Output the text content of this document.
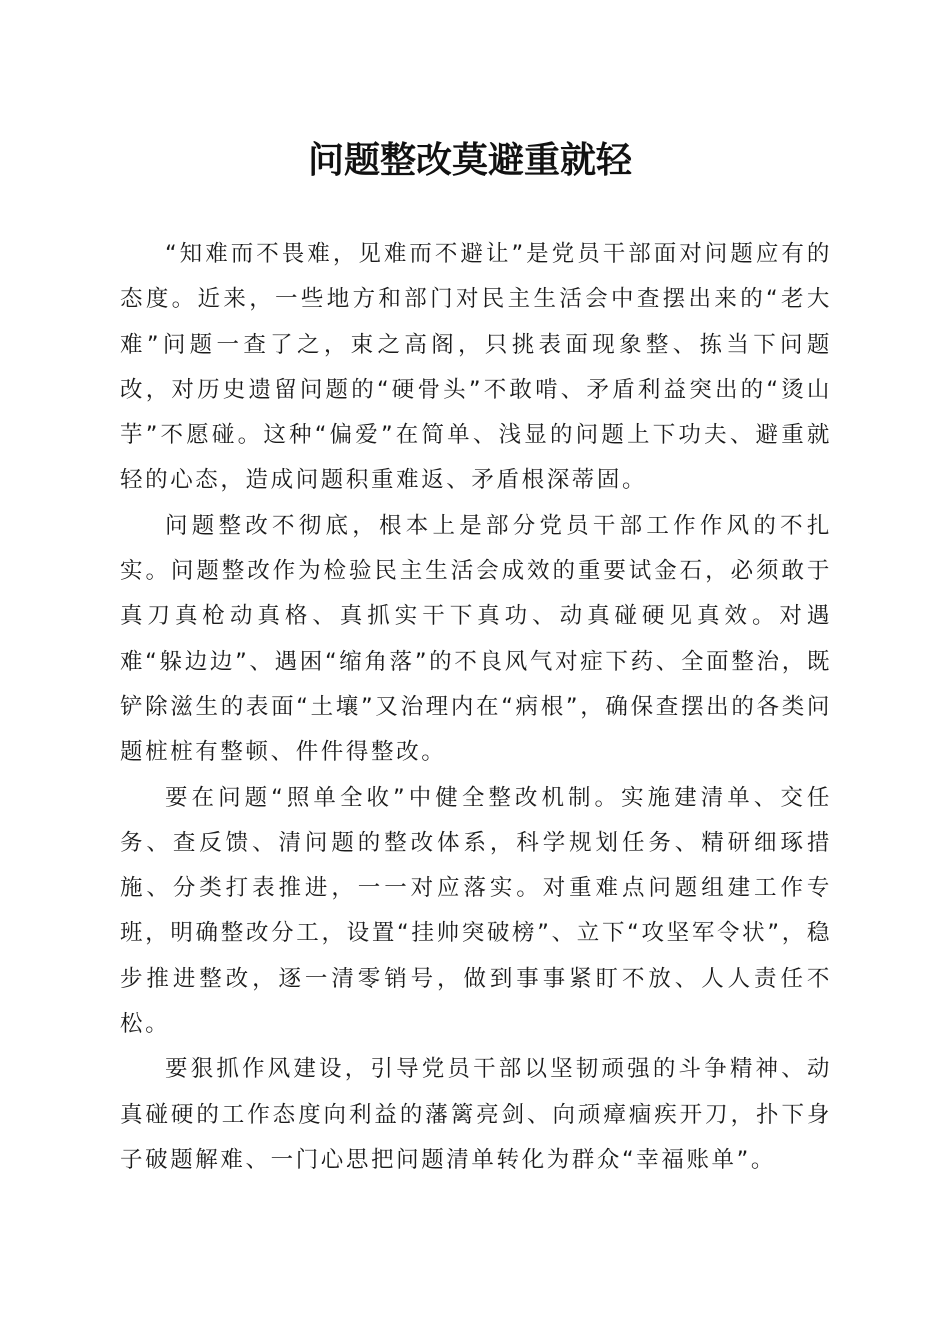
问题整改莫避重就轻

“知难而不畏难，见难而不避让”是党员干部面对问题应有的态度。近来，一些地方和部门对民主生活会中查摆出来的“老大难”问题一查了之，束之高阁，只挑表面现象整、拣当下问题改，对历史遗留问题的“硬骨头”不敢啃、矛盾利益突出的“烫山芋”不愿碰。这种“偏爱”在简单、浅显的问题上下功夫、避重就轻的心态，造成问题积重难返、矛盾根深蒂固。

问题整改不彻底，根本上是部分党员干部工作作风的不扎实。问题整改作为检验民主生活会成效的重要试金石，必须敢于真刀真枪动真格、真抓实干下真功、动真碰硬见真效。对遇难“躲边边”、遇困“缩角落”的不良风气对症下药、全面整治，既铲除滋生的表面“土壤”又治理内在“病根”，确保查摆出的各类问题桩桩有整顿、件件得整改。

要在问题“照单全收”中健全整改机制。实施建清单、交任务、查反馈、清问题的整改体系，科学规划任务、精研细琢措施、分类打表推进，一一对应落实。对重难点问题组建工作专班，明确整改分工，设置“挂帅突破榜”、立下“攻坚军令状”，稳步推进整改，逐一清零销号，做到事事紧盯不放、人人责任不松。

要狠抓作风建设，引导党员干部以坚韧顽强的斗争精神、动真碰硬的工作态度向利益的藩篱亮剑、向顽瘴痼疾开刀，扑下身子破题解难、一门心思把问题清单转化为群众“幸福账单”。
